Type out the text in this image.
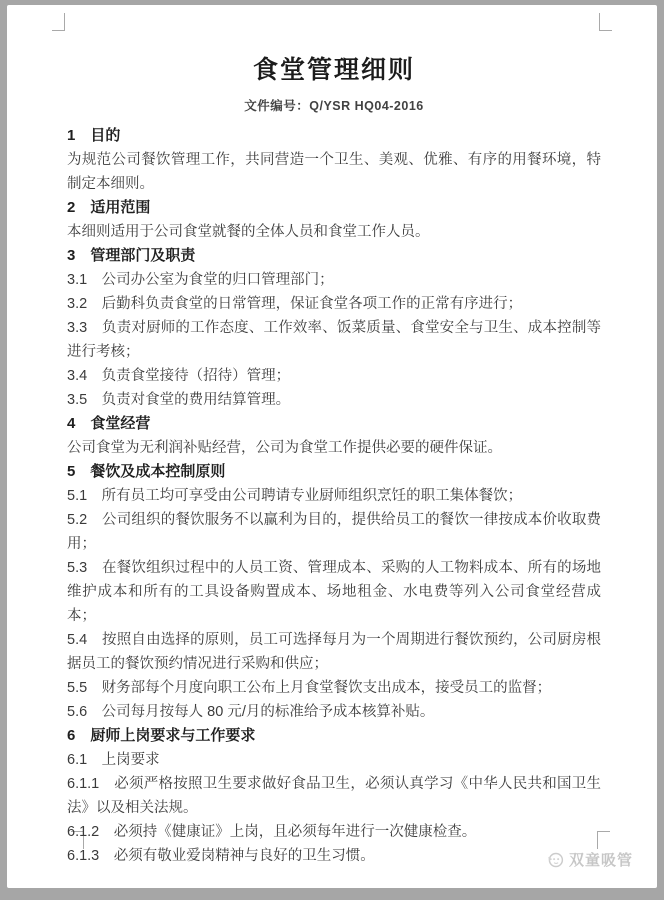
食堂管理细则
文件编号：Q/YSR HQ04-2016
1　目的

为规范公司餐饮管理工作，共同营造一个卫生、美观、优雅、有序的用餐环境，特制定本细则。

2　适用范围

本细则适用于公司食堂就餐的全体人员和食堂工作人员。

3　管理部门及职责

3.1　公司办公室为食堂的归口管理部门；

3.2　后勤科负责食堂的日常管理，保证食堂各项工作的正常有序进行；

3.3　负责对厨师的工作态度、工作效率、饭菜质量、食堂安全与卫生、成本控制等进行考核；

3.4　负责食堂接待（招待）管理；

3.5　负责对食堂的费用结算管理。

4　食堂经营

公司食堂为无利润补贴经营，公司为食堂工作提供必要的硬件保证。

5　餐饮及成本控制原则

5.1　所有员工均可享受由公司聘请专业厨师组织烹饪的职工集体餐饮；

5.2　公司组织的餐饮服务不以赢利为目的，提供给员工的餐饮一律按成本价收取费用；

5.3　在餐饮组织过程中的人员工资、管理成本、采购的人工物料成本、所有的场地维护成本和所有的工具设备购置成本、场地租金、水电费等列入公司食堂经营成本；

5.4　按照自由选择的原则，员工可选择每月为一个周期进行餐饮预约，公司厨房根据员工的餐饮预约情况进行采购和供应；

5.5　财务部每个月度向职工公布上月食堂餐饮支出成本，接受员工的监督；

5.6　公司每月按每人 80 元/月的标准给予成本核算补贴。

6　厨师上岗要求与工作要求

6.1　上岗要求

6.1.1　必须严格按照卫生要求做好食品卫生，必须认真学习《中华人民共和国卫生法》以及相关法规。

6.1.2　必须持《健康证》上岗，且必须每年进行一次健康检查。

6.1.3　必须有敬业爱岗精神与良好的卫生习惯。	双童吸管
